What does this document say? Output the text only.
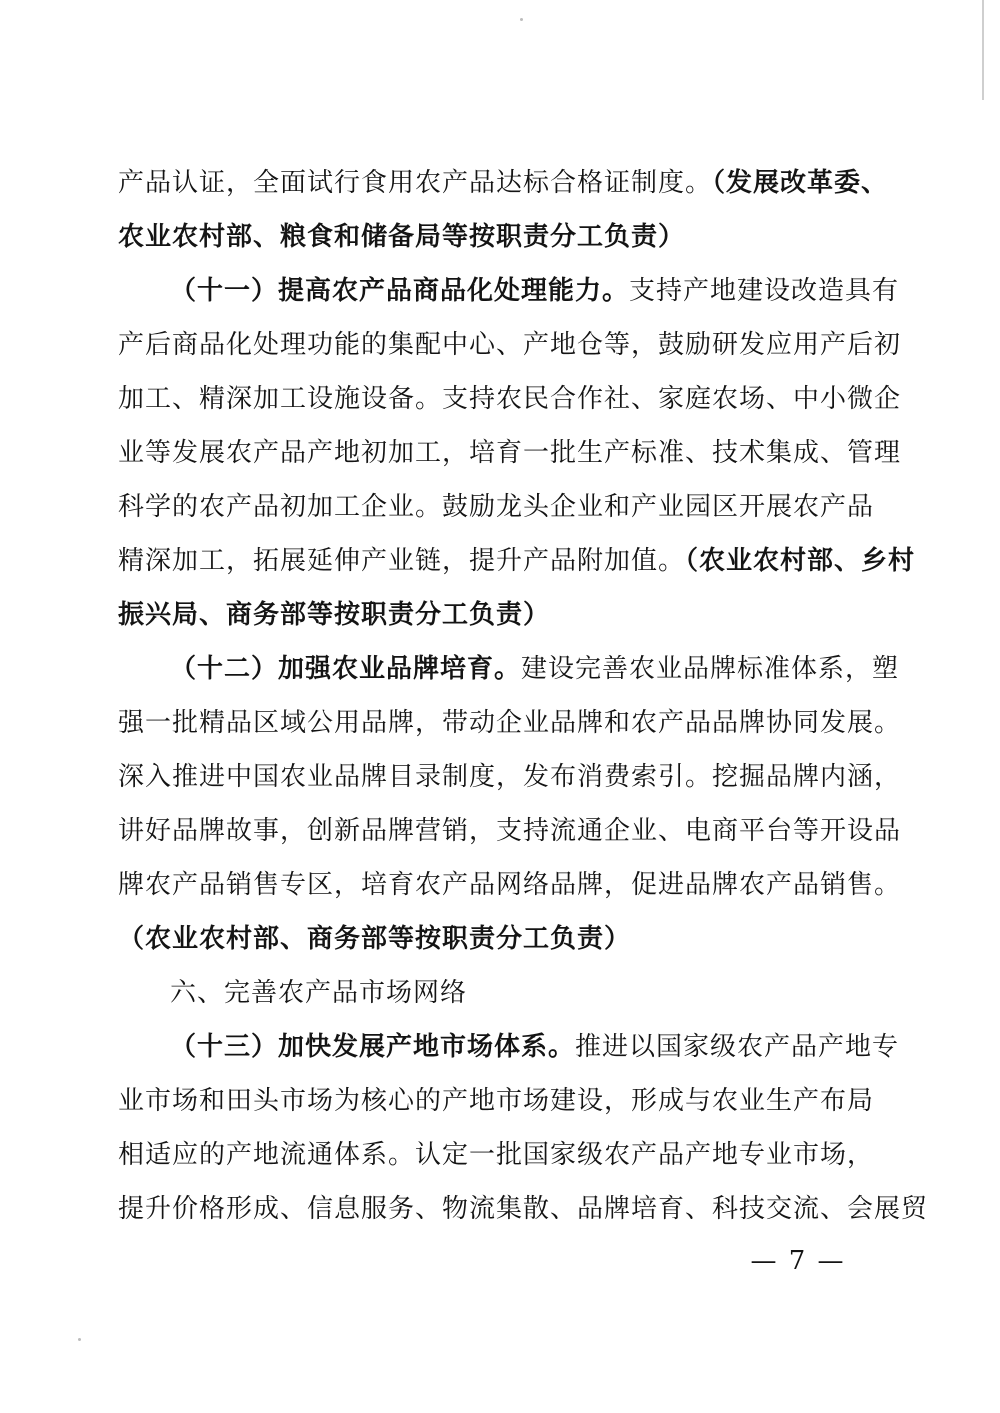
产品认证，全面试行食用农产品达标合格证制度。（发展改革委、
农业农村部、粮食和储备局等按职责分工负责）
（十一）提高农产品商品化处理能力。支持产地建设改造具有
产后商品化处理功能的集配中心、产地仓等，鼓励研发应用产后初
加工、精深加工设施设备。支持农民合作社、家庭农场、中小微企
业等发展农产品产地初加工，培育一批生产标准、技术集成、管理
科学的农产品初加工企业。鼓励龙头企业和产业园区开展农产品
精深加工，拓展延伸产业链，提升产品附加值。（农业农村部、乡村
振兴局、商务部等按职责分工负责）
（十二）加强农业品牌培育。建设完善农业品牌标准体系，塑
强一批精品区域公用品牌，带动企业品牌和农产品品牌协同发展。
深入推进中国农业品牌目录制度，发布消费索引。挖掘品牌内涵，
讲好品牌故事，创新品牌营销，支持流通企业、电商平台等开设品
牌农产品销售专区，培育农产品网络品牌，促进品牌农产品销售。
（农业农村部、商务部等按职责分工负责）
六、完善农产品市场网络
（十三）加快发展产地市场体系。推进以国家级农产品产地专
业市场和田头市场为核心的产地市场建设，形成与农业生产布局
相适应的产地流通体系。认定一批国家级农产品产地专业市场，
提升价格形成、信息服务、物流集散、品牌培育、科技交流、会展贸
— 7 —
